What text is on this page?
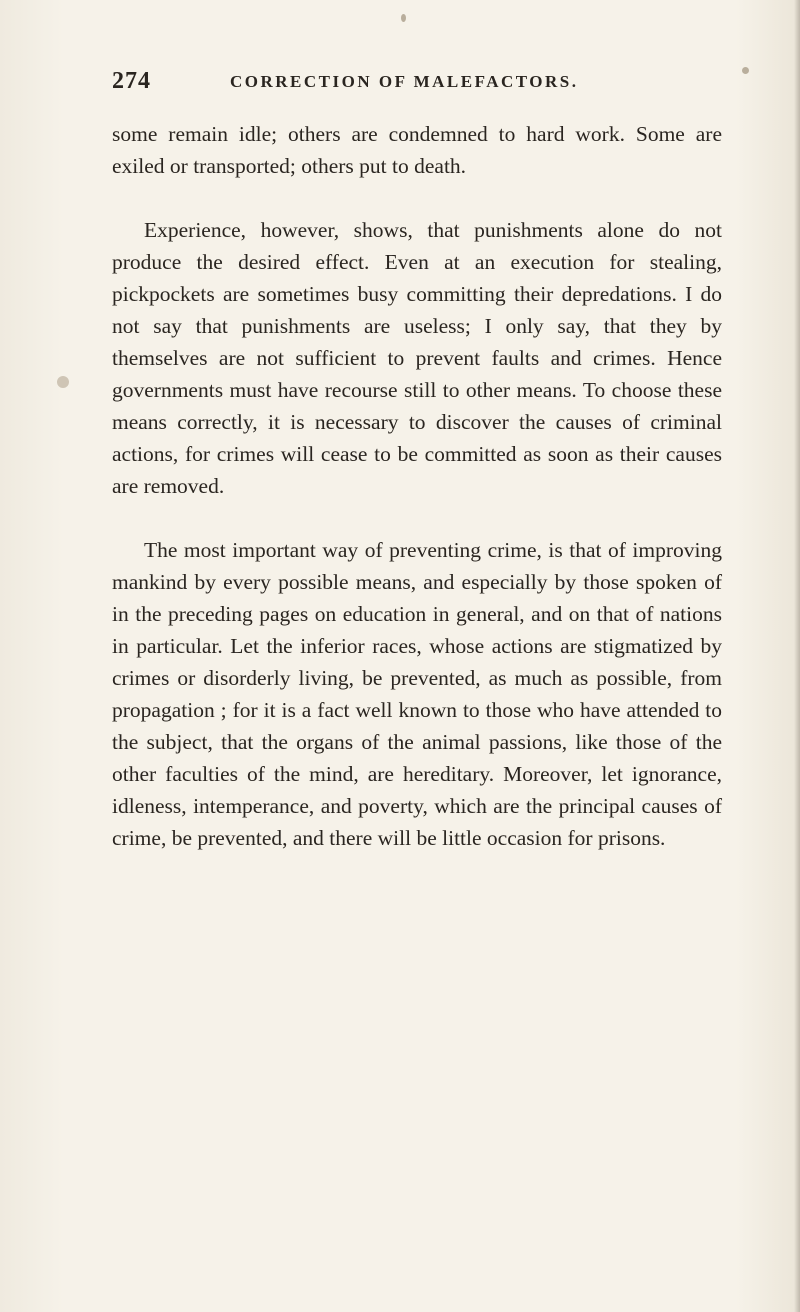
274	CORRECTION OF MALEFACTORS.

some remain idle; others are condemned to hard work. Some are exiled or transported; others put to death.

Experience, however, shows, that punishments alone do not produce the desired effect. Even at an execution for stealing, pickpockets are sometimes busy committing their depredations. I do not say that punishments are useless; I only say, that they by themselves are not sufficient to prevent faults and crimes. Hence governments must have recourse still to other means. To choose these means correctly, it is necessary to discover the causes of criminal actions, for crimes will cease to be committed as soon as their causes are removed.

The most important way of preventing crime, is that of improving mankind by every possible means, and especially by those spoken of in the preceding pages on education in general, and on that of nations in particular. Let the inferior races, whose actions are stigmatized by crimes or disorderly living, be prevented, as much as possible, from propagation ; for it is a fact well known to those who have attended to the subject, that the organs of the animal passions, like those of the other faculties of the mind, are hereditary. Moreover, let ignorance, idleness, intemperance, and poverty, which are the principal causes of crime, be prevented, and there will be little occasion for prisons.
